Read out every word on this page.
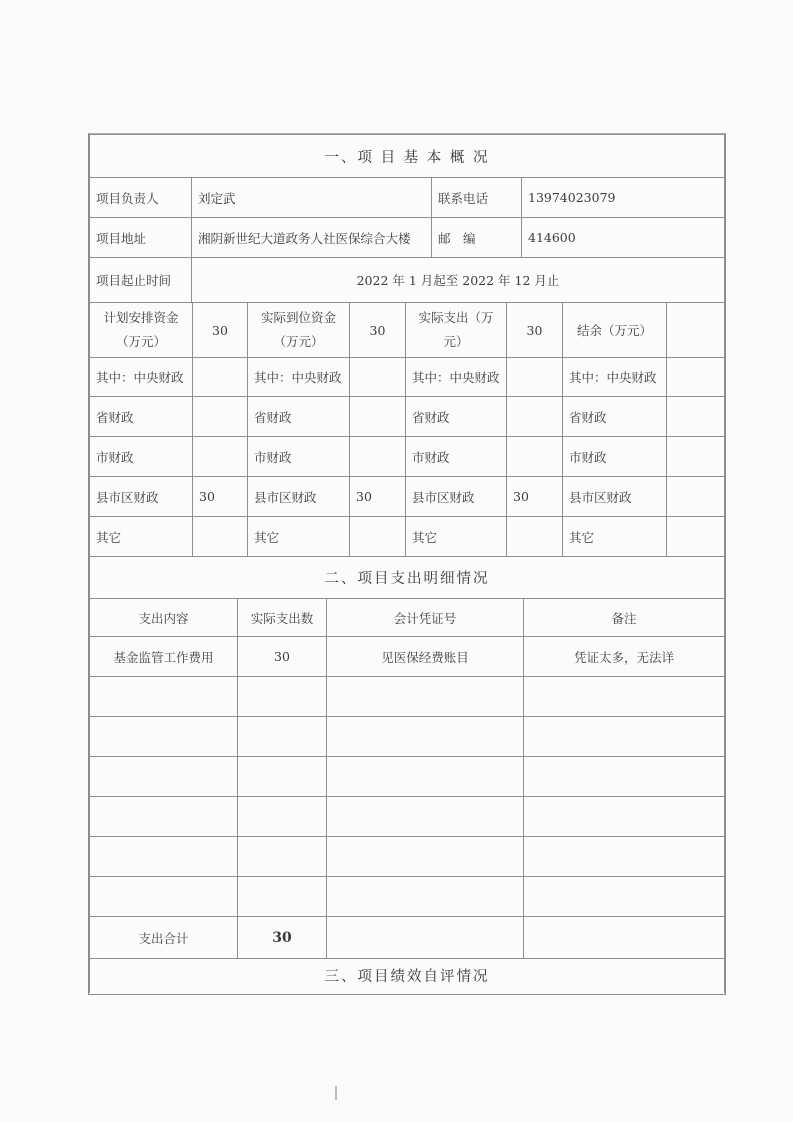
一、项 目 基 本 概 况			
项目负责人	刘定武	联系电话	13974023079
项目地址	湘阴新世纪大道政务人社医保综合大楼	邮　编	414600
项目起止时间	2022 年 1 月起至 2022 年 12 月止		
计划安排资金（万元）	30	实际到位资金（万元）	30	实际支出（万元）	30	结余（万元）	
其中：中央财政		其中：中央财政		其中：中央财政		其中：中央财政	
省财政		省财政		省财政		省财政	
市财政		市财政		市财政		市财政	
县市区财政	30	县市区财政	30	县市区财政	30	县市区财政	
其它		其它		其它		其它	
二、项目支出明细情况
支出内容	实际支出数	会计凭证号	备注
基金监管工作费用	30	见医保经费账目	凭证太多，无法详

支出合计	30		
三、项目绩效自评情况
